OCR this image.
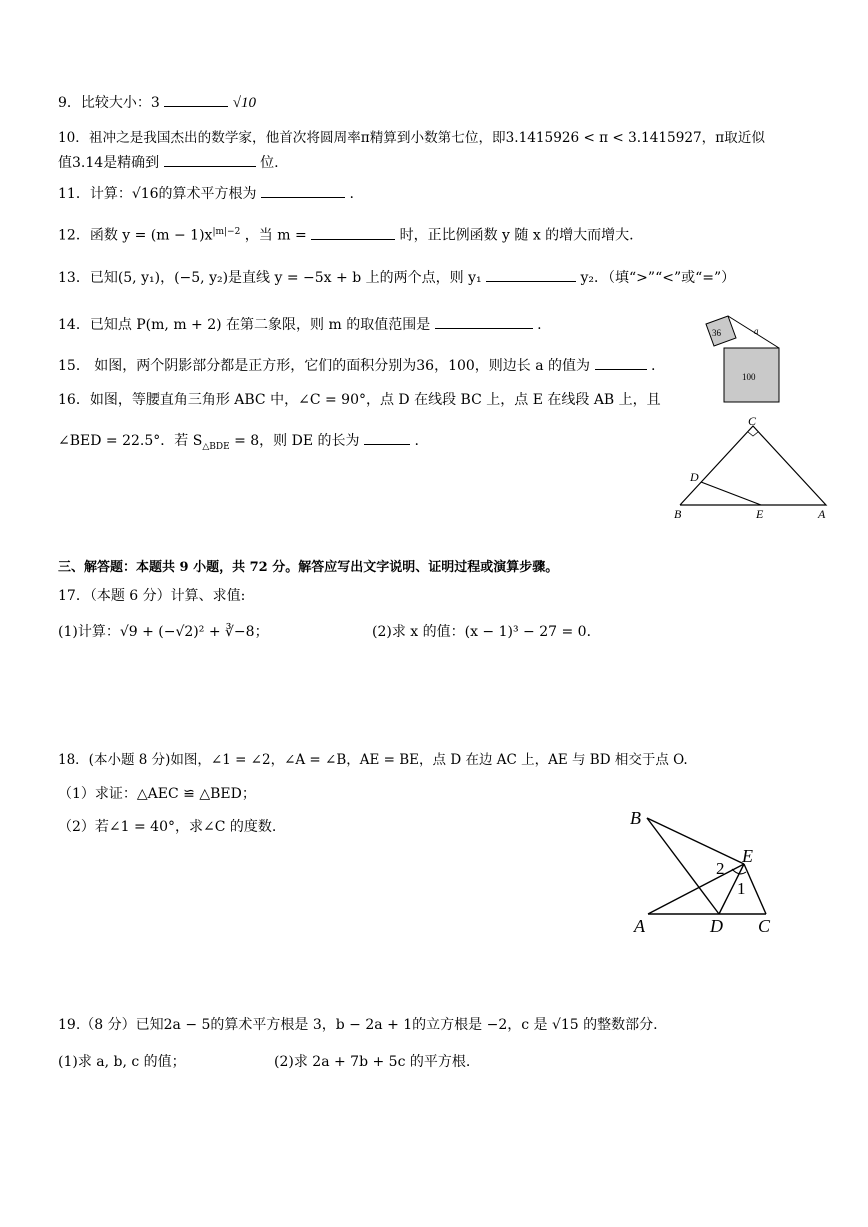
9．比较大小：3	√10
10．祖冲之是我国杰出的数学家，他首次将圆周率π精算到小数第七位，即3.1415926 < π < 3.1415927，π取近似
值3.14是精确到	位.
11．计算：√16的算术平方根为	.
12．函数 $y = (m - 1)x^{|m|-2}$ ，当 m =	时，正比例函数 y 随 x 的增大而增大.
13．已知(5, y₁)，(−5, y₂)是直线 y = −5x + b 上的两个点，则 y₁	y₂．（填“>”“<”或“=”）
14．已知点 P(m, m + 2) 在第二象限，则 m 的取值范围是	.
15． 如图，两个阴影部分都是正方形，它们的面积分别为36，100，则边长 a 的值为	.
16．如图，等腰直角三角形 ABC 中，∠C = 90°，点 D 在线段 BC 上，点 E 在线段 AB 上，且
∠BED = 22.5°．若 $S_{\triangle BDE} = 8$，则 DE 的长为	.
三、解答题：本题共 9 小题，共 72 分。解答应写出文字说明、证明过程或演算步骤。
17．（本题 6 分）计算、求值:
(1)计算：√9 + (−√2)² + ∛−8；	(2)求 x 的值：(x − 1)³ − 27 = 0．
18．(本小题 8 分)如图，∠1 = ∠2，∠A = ∠B，AE = BE，点 D 在边 AC 上，AE 与 BD 相交于点 O.
（1）求证：△AEC ≌ △BED；
（2）若∠1 = 40°，求∠C 的度数.
19.（8 分）已知2a − 5的算术平方根是 3，b − 2a + 1的立方根是 −2，c 是 √15 的整数部分.
(1)求 a, b, c 的值；	(2)求 2a + 7b + 5c 的平方根.
36
100
a
C
D
B	E	A
B
E
A	D C
1
2
